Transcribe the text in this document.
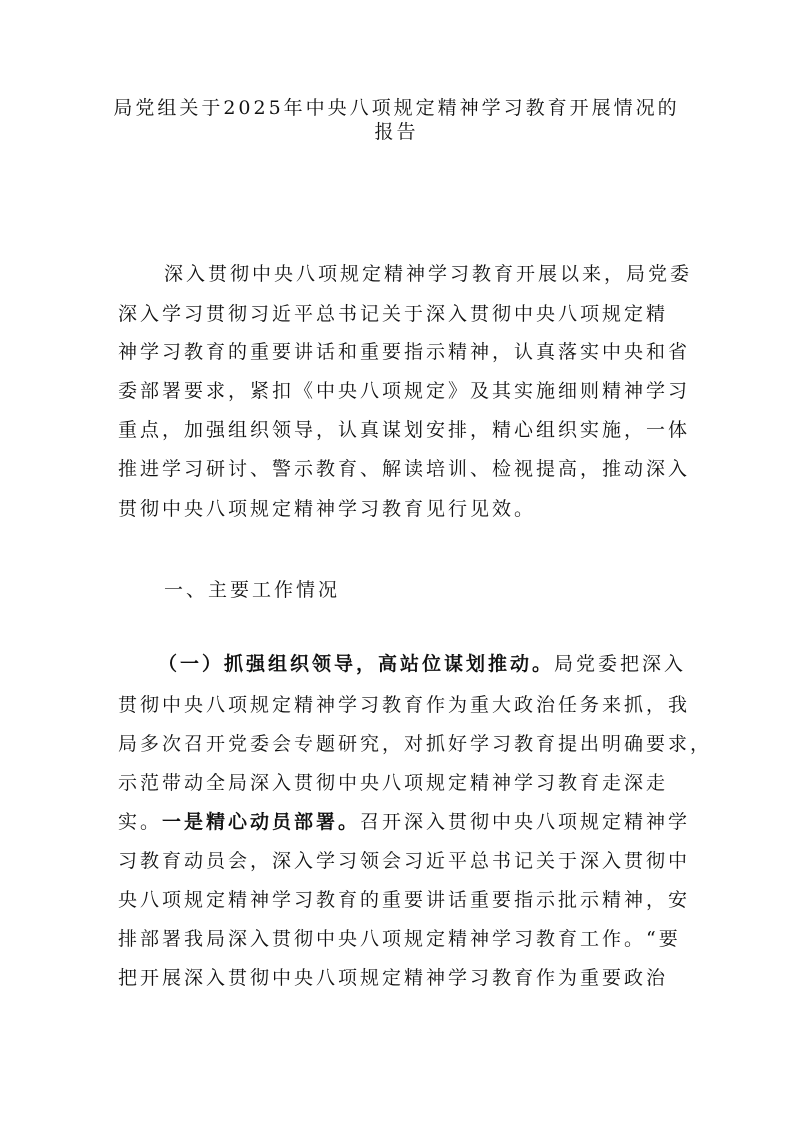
局党组关于2025年中央八项规定精神学习教育开展情况的
报告
深入贯彻中央八项规定精神学习教育开展以来，局党委
深入学习贯彻习近平总书记关于深入贯彻中央八项规定精
神学习教育的重要讲话和重要指示精神，认真落实中央和省
委部署要求，紧扣《中央八项规定》及其实施细则精神学习
重点，加强组织领导，认真谋划安排，精心组织实施，一体
推进学习研讨、警示教育、解读培训、检视提高，推动深入
贯彻中央八项规定精神学习教育见行见效。
一、主要工作情况
（一）抓强组织领导，高站位谋划推动。局党委把深入
贯彻中央八项规定精神学习教育作为重大政治任务来抓，我
局多次召开党委会专题研究，对抓好学习教育提出明确要求，
示范带动全局深入贯彻中央八项规定精神学习教育走深走
实。一是精心动员部署。召开深入贯彻中央八项规定精神学
习教育动员会，深入学习领会习近平总书记关于深入贯彻中
央八项规定精神学习教育的重要讲话重要指示批示精神，安
排部署我局深入贯彻中央八项规定精神学习教育工作。“要
把开展深入贯彻中央八项规定精神学习教育作为重要政治
